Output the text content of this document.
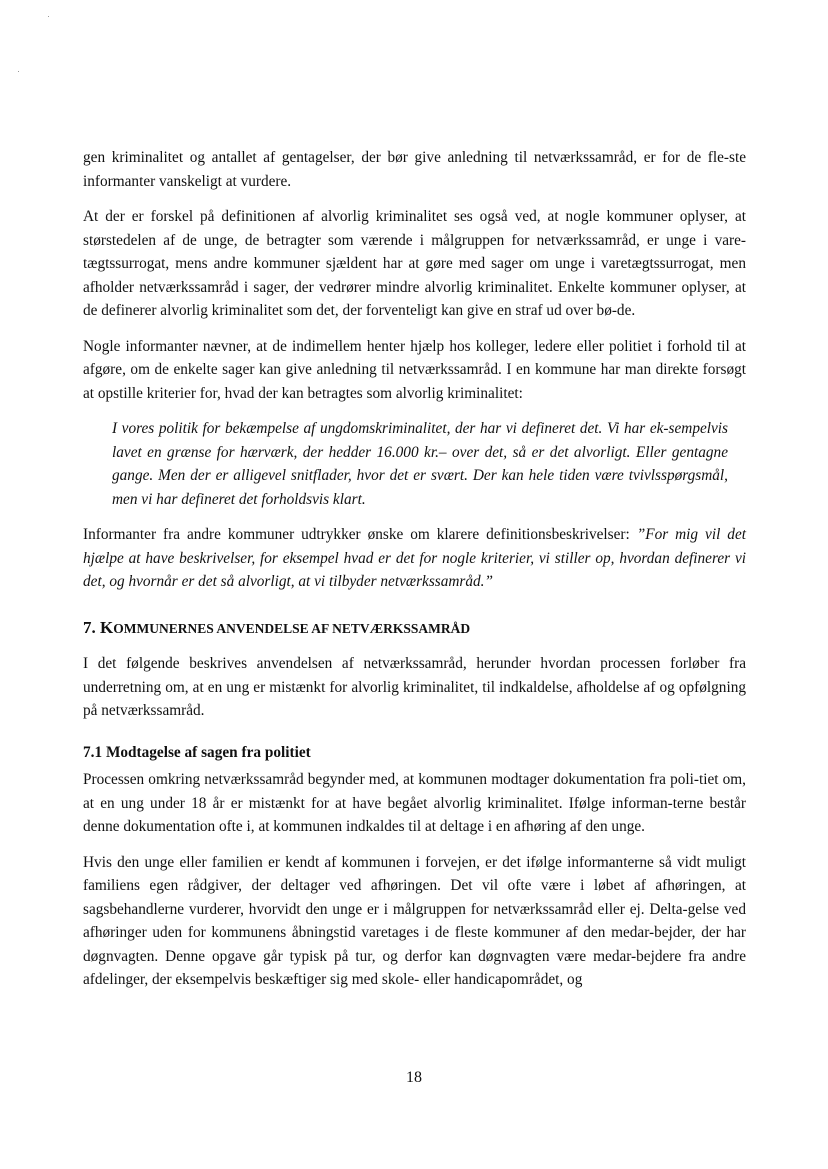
gen kriminalitet og antallet af gentagelser, der bør give anledning til netværkssamråd, er for de fle-ste informanter vanskeligt at vurdere.

At der er forskel på definitionen af alvorlig kriminalitet ses også ved, at nogle kommuner oplyser, at størstedelen af de unge, de betragter som værende i målgruppen for netværkssamråd, er unge i vare-tægtssurrogat, mens andre kommuner sjældent har at gøre med sager om unge i varetægtssurrogat, men afholder netværkssamråd i sager, der vedrører mindre alvorlig kriminalitet. Enkelte kommuner oplyser, at de definerer alvorlig kriminalitet som det, der forventeligt kan give en straf ud over bø-de.

Nogle informanter nævner, at de indimellem henter hjælp hos kolleger, ledere eller politiet i forhold til at afgøre, om de enkelte sager kan give anledning til netværkssamråd. I en kommune har man direkte forsøgt at opstille kriterier for, hvad der kan betragtes som alvorlig kriminalitet:

I vores politik for bekæmpelse af ungdomskriminalitet, der har vi defineret det. Vi har ek-sempelvis lavet en grænse for hærværk, der hedder 16.000 kr.– over det, så er det alvorligt. Eller gentagne gange. Men der er alligevel snitflader, hvor det er svært. Der kan hele tiden være tvivlsspørgsmål, men vi har defineret det forholdsvis klart.

Informanter fra andre kommuner udtrykker ønske om klarere definitionsbeskrivelser: ”For mig vil det hjælpe at have beskrivelser, for eksempel hvad er det for nogle kriterier, vi stiller op, hvordan definerer vi det, og hvornår er det så alvorligt, at vi tilbyder netværkssamråd.”

7. KOMMUNERNES ANVENDELSE AF NETVÆRKSSAMRÅD

I det følgende beskrives anvendelsen af netværkssamråd, herunder hvordan processen forløber fra underretning om, at en ung er mistænkt for alvorlig kriminalitet, til indkaldelse, afholdelse af og opfølgning på netværkssamråd.

7.1 Modtagelse af sagen fra politiet

Processen omkring netværkssamråd begynder med, at kommunen modtager dokumentation fra poli-tiet om, at en ung under 18 år er mistænkt for at have begået alvorlig kriminalitet. Ifølge informan-terne består denne dokumentation ofte i, at kommunen indkaldes til at deltage i en afhøring af den unge.

Hvis den unge eller familien er kendt af kommunen i forvejen, er det ifølge informanterne så vidt muligt familiens egen rådgiver, der deltager ved afhøringen. Det vil ofte være i løbet af afhøringen, at sagsbehandlerne vurderer, hvorvidt den unge er i målgruppen for netværkssamråd eller ej. Delta-gelse ved afhøringer uden for kommunens åbningstid varetages i de fleste kommuner af den medar-bejder, der har døgnvagten. Denne opgave går typisk på tur, og derfor kan døgnvagten være medar-bejdere fra andre afdelinger, der eksempelvis beskæftiger sig med skole- eller handicapområdet, og

18
